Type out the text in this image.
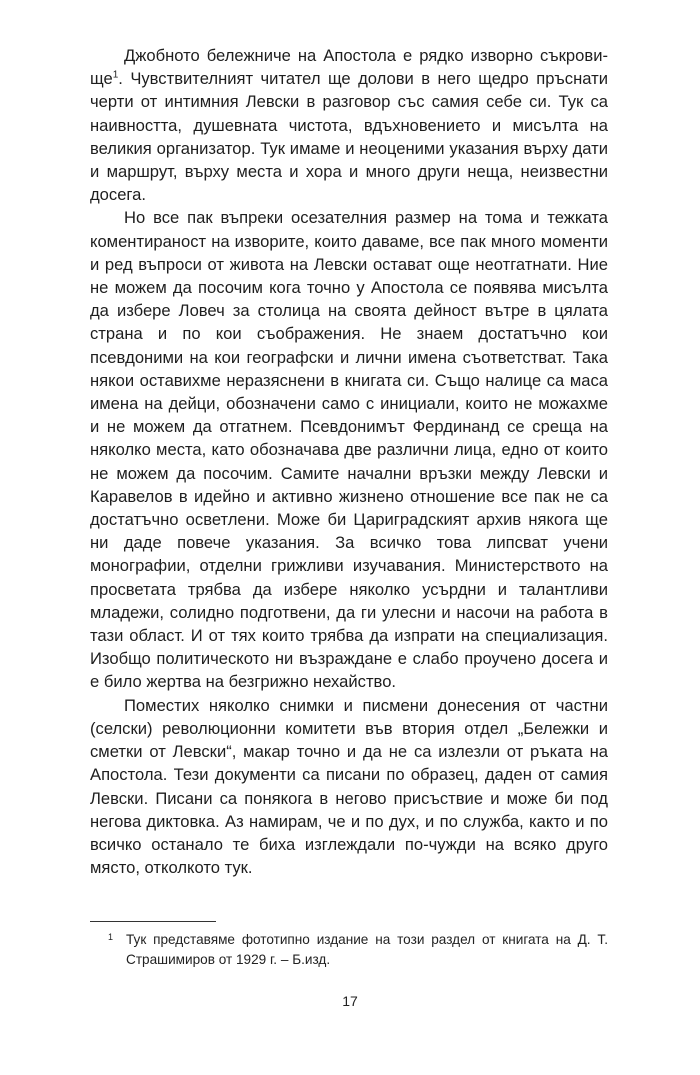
Джобното бележниче на Апостола е рядко изворно съкрови-ще$^1$. Чувствителният читател ще долови в него щедро пръснати черти от интимния Левски в разговор със самия себе си. Тук са наивността, душевната чистота, вдъхновението и мисълта на великия организатор. Тук имаме и неоценими указания върху дати и маршрут, върху места и хора и много други неща, неизвестни досега.

Но все пак въпреки осезателния размер на тома и тежката коментираност на изворите, които даваме, все пак много моменти и ред въпроси от живота на Левски остават още неотгатнати. Ние не можем да посочим кога точно у Апостола се появява мисълта да избере Ловеч за столица на своята дейност вътре в цялата страна и по кои съображения. Не знаем достатъчно кои псевдоними на кои географски и лични имена съответстват. Така някои оставихме неразяснени в книгата си. Също налице са маса имена на дейци, обозначени само с инициали, които не можахме и не можем да отгатнем. Псевдонимът Фердинанд се среща на няколко места, като обозначава две различни лица, едно от които не можем да посочим. Самите начални връзки между Левски и Каравелов в идейно и активно жизнено отношение все пак не са достатъчно осветлени. Може би Цариградският архив някога ще ни даде повече указания. За всичко това липсват учени монографии, отделни грижливи изучавания. Министерството на просветата трябва да избере няколко усърдни и талантливи младежи, солидно подготвени, да ги улесни и насочи на работа в тази област. И от тях които трябва да изпрати на специализация. Изобщо политическото ни възраждане е слабо проучено досега и е било жертва на безгрижно нехайство.

Поместих няколко снимки и писмени донесения от частни (селски) революционни комитети във втория отдел „Бележки и сметки от Левски“, макар точно и да не са излезли от ръката на Апостола. Тези документи са писани по образец, даден от самия Левски. Писани са понякога в негово присъствие и може би под негова диктовка. Аз намирам, че и по дух, и по служба, както и по всичко останало те биха изглеждали по-чужди на всяко друго място, отколкото тук.

1 Тук представяме фототипно издание на този раздел от книгата на Д. Т. Страшимиров от 1929 г. – Б.изд.

17
